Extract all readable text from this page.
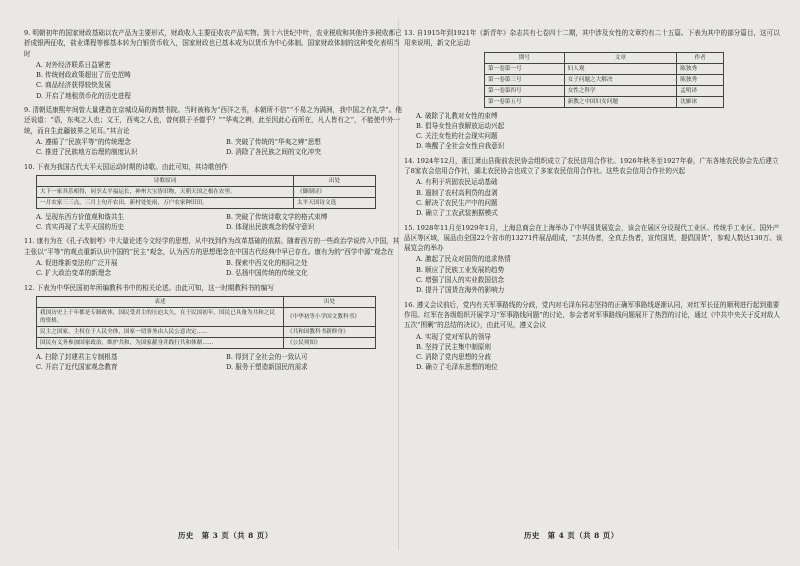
9. 明朝初年的国家财政基础以农产品为主要形式，财政收入主要征收农产品实物。到十六世纪中叶，农业税收和其他许多税收都已折成银两征收，盐业课程等都基本转为白银货币收入，国家财政也已基本成为以货币为中心体制。国家财政体制的这种变化表明当时

A. 对外经济联系日益紧密
B. 传统财政政策超出了历史范畴
C. 商品经济获得较快发展
D. 开启了地租货币化的历史进程

9. 清朝廷康熙年间曾大量建造在京城设局的海禁书院。当时被称为“西洋之书，本朝所不信”“不易之为满洲，我中国之有礼学”。他还说道：“语，东夷之人也；文王，西夷之人也，曾何损于圣德乎？”“华夷之辨，此至因此心而所在，凡人皆有之”，不能使中外一统，而自生此疆彼界之见耳。”其言论

A. 遵循了“民族平等”的传统理念	B. 突破了传统的“华夷之辨”思想
C. 推进了民族地方治理的制度认识	D. 消除了各民族之间的文化冲突

10. 下表为我国古代太平天国运动时期的诗歌。由此可知，其诗歌创作

诗歌原词	出处
大下一家其乐相得，同享太平福运长，神州大宝皆旧物，天朝天国之根在农里。	《御制诗》
一月农家三三点，三月上旬开农田，新村处处雨，万户农家种旧田。	太平天国诗文选
A. 呈现东西方价值观和谐共生	B. 突破了传统诗歌文学的格式束缚
C. 真实再现了太平天国的历史	D. 体现出民族观念的保守意识

11. 康有为在《孔子改制考》中大量论述今文经学的思想，从中找到作为改革基础的依据。随着西方的一些政治学说传入中国，其主张以“平等”的观点重新认识中国的“民主”观念，认为西方的思想理念在中国古代经典中早已存在。康有为的“西学中源”观念在

A. 促进维新变法的广泛开展	B. 探索中西文化的相同之处
C. 扩大政治变革的新理念	D. 弘扬中国传统的传统文化

12. 下表为中华民国初年所编教科书中的相关论述。由此可知，这一时期教科书的编写

表述	出处
我国历史上千年都是专制政体，国民受君主的压迫太久，在于民国初年，国民已具备为共和之民的资格。	《中华初等小学国文教科书》
民主之国家，主权在于人民全体，国家一切事务由人民公意决定……	《共和国教科书新修身》
国民有义务参加国家政治，维护共和，为国家献身并践行共和体制……	《公民须知》
A. 扫除了封建君主专制根基	B. 得到了全社会的一致认可
C. 开启了近代国家观念教育	D. 服务于塑造新国民的需求
历史　第 3 页（共 8 页）

13. 自1915年到1921年《新青年》杂志共有七卷四十二期，其中涉及女性的文章约有二十五篇。下表为其中的部分篇目，这可以用来说明，新文化运动

期号	文章	作者
第一卷第一号	妇人观	陈独秀
第一卷第三号	女子问题之大解决	陈独秀
第一卷第四号	女性之科学	孟明译
第一卷第五号	新教之中国妇女问题	沈雁冰
A. 破除了礼教对女性的束缚
B. 倡导女性自我解放运动兴起
C. 关注女性的社会现实问题
D. 唤醒了全社会女性自我意识

14. 1924年12月，浙江萧山县衙前农民协会组织成立了农民信用合作社。1926年秋冬至1927年春，广东各地农民协会先后建立了8家农会信用合作社，湖北农民协会也成立了多家农民信用合作社。这些农会信用合作社的兴起

A. 有利于巩固农民运动基础
B. 遏制了农村高利贷的盘剥
C. 解决了农民生产中的问题
D. 确立了工农武装割据模式

15. 1928年11月至1929年1月，上海总商会在上海举办了中华国货展览会，该会在展区分设现代工业区、传统手工业区、国外产品区等区域，展品由全国22个省市的13271件展品组成，“去其伪者，全真去伪者，宣传国货，提倡国货”，参观人数达130万。该展览会的举办

A. 激起了民众对国货的追求热情
B. 顺应了民族工业发展的趋势
C. 增强了国人的实业救国信念
D. 提升了国货在海外的影响力

16. 遵义会议前后，党内有关军事路线的分歧，党内对毛泽东同志坚持的正确军事路线逐渐认同，对红军长征的顺利进行起到重要作用。红军在各级组织开展学习“军事路线问题”的讨论，参会者对军事路线问题展开了热烈的讨论，通过《中共中央关于反对敌人五次“围剿”的总结的决议》，由此可见，遵义会议

A. 实现了党对军队的领导
B. 坚持了民主集中制原则
C. 消除了党内思想的分歧
D. 确立了毛泽东思想的地位
历史　第 4 页（共 8 页）
